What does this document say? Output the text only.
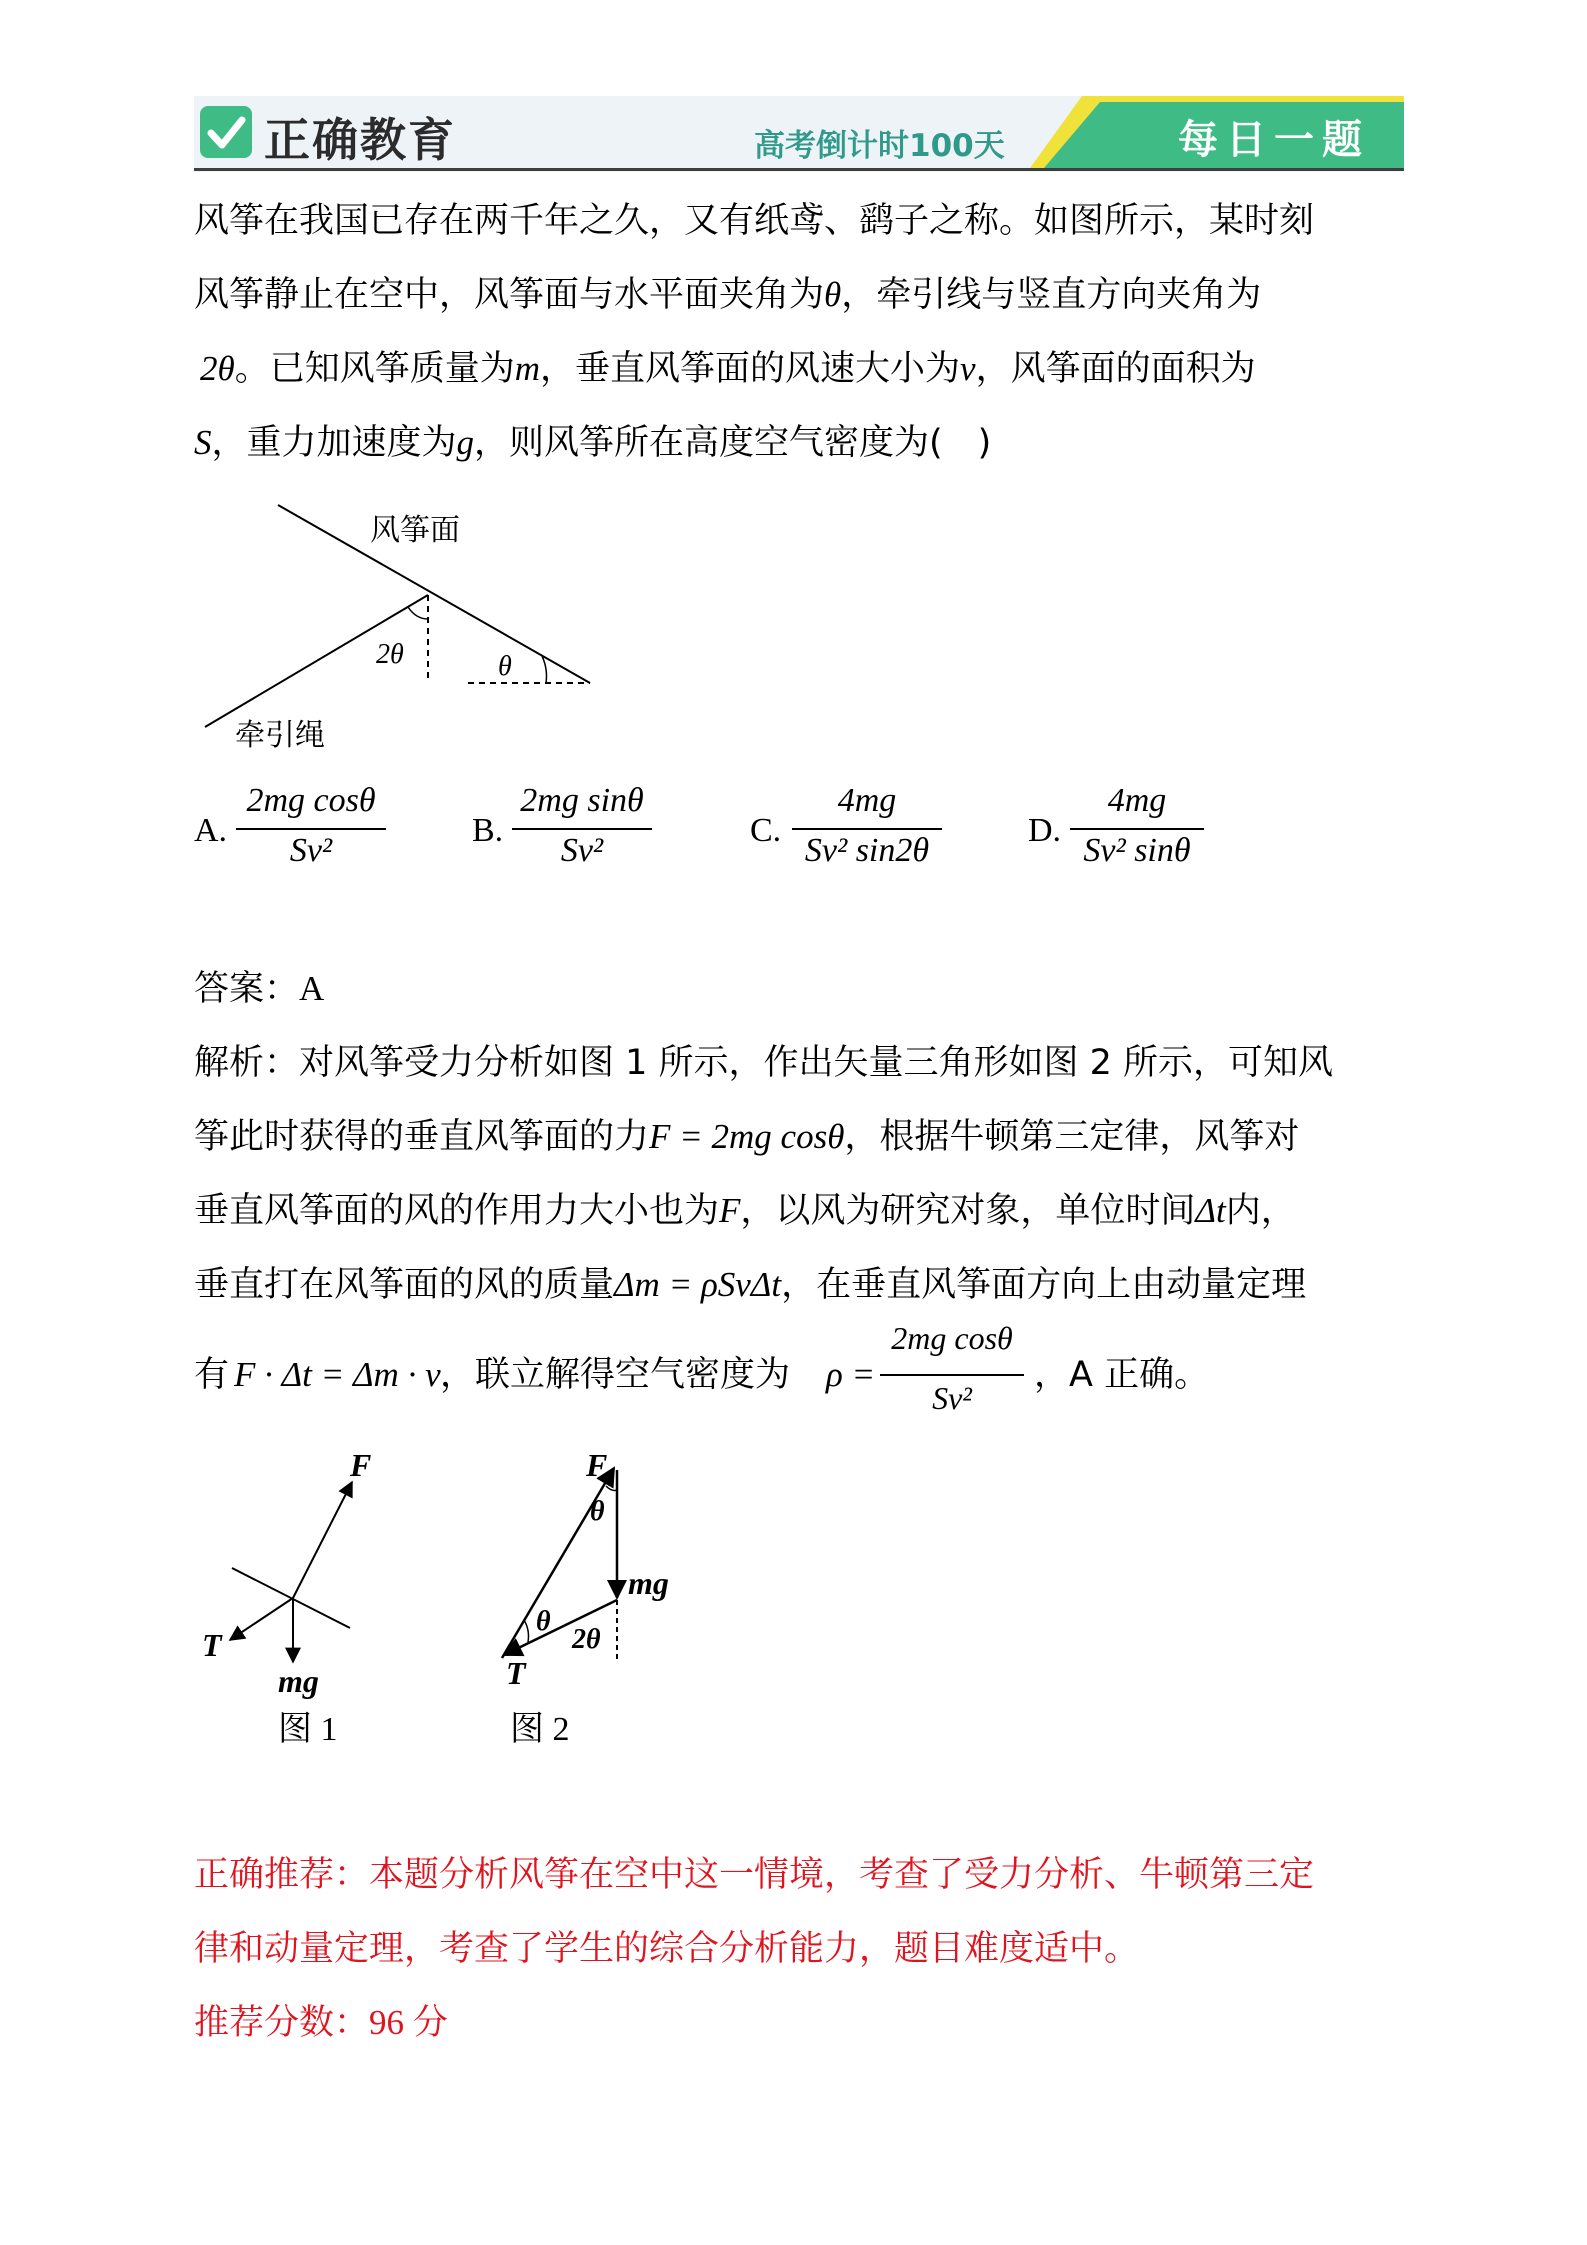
正确教育	高考倒计时100天	每日一题
风筝在我国已存在两千年之久，又有纸鸢、鹞子之称。如图所示，某时刻
风筝静止在空中，风筝面与水平面夹角为θ，牵引线与竖直方向夹角为
2θ。已知风筝质量为m，垂直风筝面的风速大小为v，风筝面的面积为
S，重力加速度为g，则风筝所在高度空气密度为(　)
风筝面
2θ	θ
牵引绳
A.
2mg cosθ
Sv²
B.
2mg sinθ
Sv²
C.
4mg
Sv² sin2θ
D.
4mg
Sv² sinθ
答案：A
解析：对风筝受力分析如图 1 所示，作出矢量三角形如图 2 所示，可知风
筝此时获得的垂直风筝面的力F = 2mg cosθ，根据牛顿第三定律，风筝对
垂直风筝面的风的作用力大小也为F，以风为研究对象，单位时间Δt内，
垂直打在风筝面的风的质量Δm = ρSvΔt，在垂直风筝面方向上由动量定理
有 F · Δt = Δm · v ，联立解得空气密度为 ρ =
2mg cosθ
Sv²
，A 正确。
F
T
mg
图 1
F
θ
mg
θ
2θ
T
图 2
正确推荐：本题分析风筝在空中这一情境，考查了受力分析、牛顿第三定
律和动量定理，考查了学生的综合分析能力，题目难度适中。
推荐分数：96 分
